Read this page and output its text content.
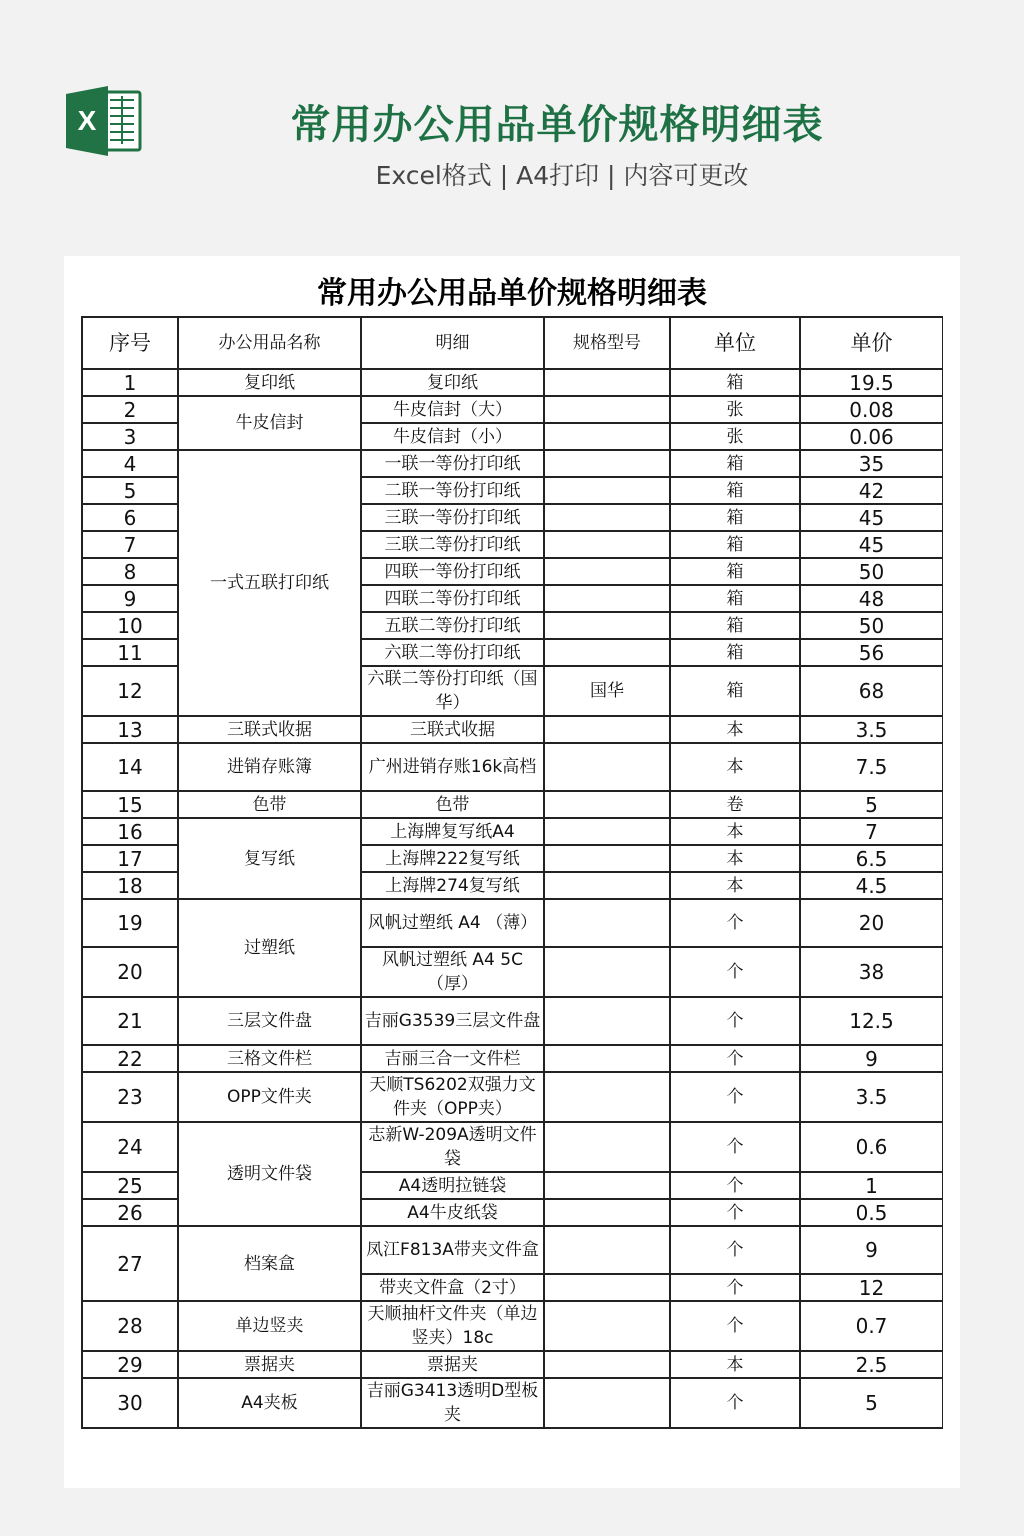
X	常用办公用品单价规格明细表
Excel格式 | A4打印 | 内容可更改
常用办公用品单价规格明细表
序号	办公用品名称	明细	规格型号	单位	单价
1	复印纸	复印纸		箱	19.5
2	牛皮信封	牛皮信封（大）		张	0.08
3		牛皮信封（小）		张	0.06
4	一式五联打印纸	一联一等份打印纸		箱	35
5		二联一等份打印纸		箱	42
6		三联一等份打印纸		箱	45
7		三联二等份打印纸		箱	45
8		四联一等份打印纸		箱	50
9		四联二等份打印纸		箱	48
10		五联二等份打印纸		箱	50
11		六联二等份打印纸		箱	56
12		六联二等份打印纸（国华）	国华	箱	68
13	三联式收据	三联式收据		本	3.5
14	进销存账簿	广州进销存账16k高档		本	7.5
15	色带	色带		卷	5
16	复写纸	上海牌复写纸A4		本	7
17		上海牌222复写纸		本	6.5
18		上海牌274复写纸		本	4.5
19	过塑纸	风帆过塑纸 A4 （薄）		个	20
20		风帆过塑纸 A4 5C（厚）		个	38
21	三层文件盘	吉丽G3539三层文件盘		个	12.5
22	三格文件栏	吉丽三合一文件栏		个	9
23	OPP文件夹	天顺TS6202双强力文件夹（OPP夹）		个	3.5
24	透明文件袋	志新W-209A透明文件袋		个	0.6
25		A4透明拉链袋		个	1
26		A4牛皮纸袋		个	0.5
27	档案盒	凤江F813A带夹文件盒		个	9
		带夹文件盒（2寸）		个	12
28	单边竖夹	天顺抽杆文件夹（单边竖夹）18c		个	0.7
29	票据夹	票据夹		本	2.5
30	A4夹板	吉丽G3413透明D型板夹		个	5
